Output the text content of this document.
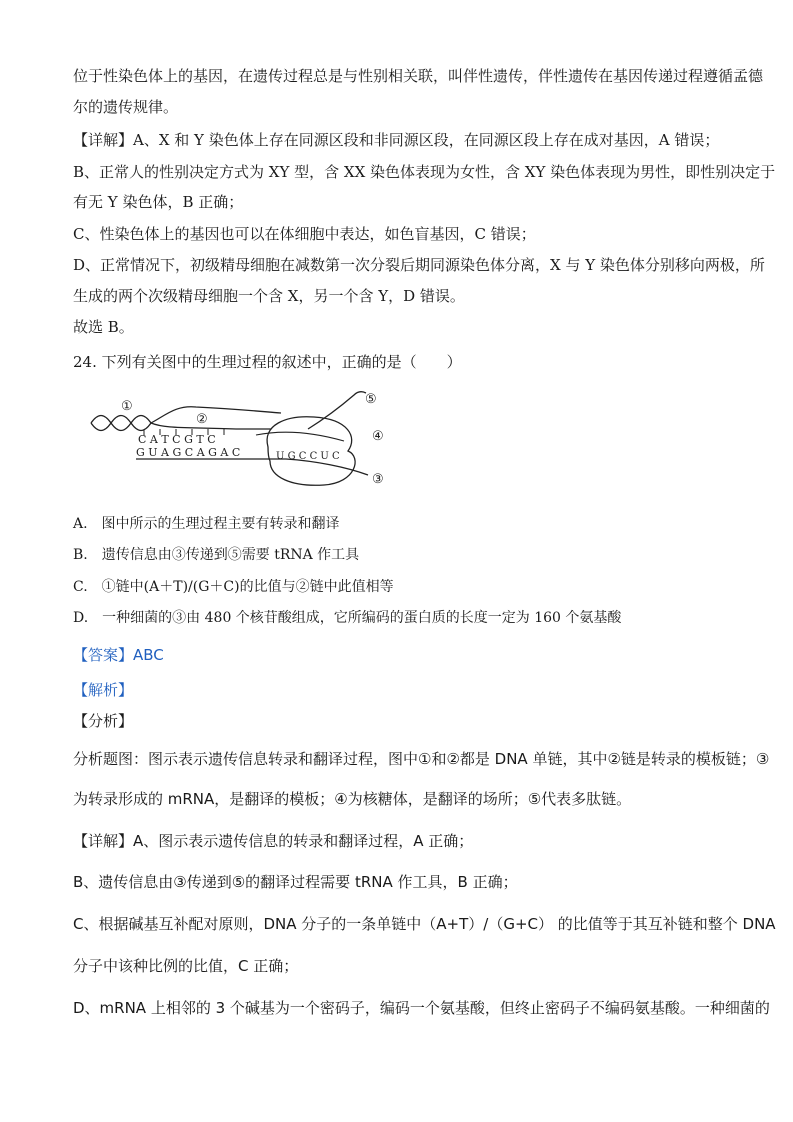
位于性染色体上的基因，在遗传过程总是与性别相关联，叫伴性遗传，伴性遗传在基因传递过程遵循孟德
尔的遗传规律。
【详解】A、X 和 Y 染色体上存在同源区段和非同源区段，在同源区段上存在成对基因，A 错误；
B、正常人的性别决定方式为 XY 型，含 XX 染色体表现为女性，含 XY 染色体表现为男性，即性别决定于
有无 Y 染色体，B 正确；
C、性染色体上的基因也可以在体细胞中表达，如色盲基因，C 错误；
D、正常情况下，初级精母细胞在减数第一次分裂后期同源染色体分离，X 与 Y 染色体分别移向两极，所
生成的两个次级精母细胞一个含 X，另一个含 Y，D 错误。
故选 B。
24. 下列有关图中的生理过程的叙述中，正确的是（　　）
C A T C G T C
G U A G C A G A C	U G C C U C
①
②
⑤
④
③
A.　图中所示的生理过程主要有转录和翻译
B.　遗传信息由③传递到⑤需要 tRNA 作工具
C.　①链中(A＋T)/(G＋C)的比值与②链中此值相等
D.　一种细菌的③由 480 个核苷酸组成，它所编码的蛋白质的长度一定为 160 个氨基酸
【答案】ABC
【解析】
【分析】
分析题图：图示表示遗传信息转录和翻译过程，图中①和②都是 DNA 单链，其中②链是转录的模板链；③
为转录形成的 mRNA，是翻译的模板；④为核糖体，是翻译的场所；⑤代表多肽链。
【详解】A、图示表示遗传信息的转录和翻译过程，A 正确；
B、遗传信息由③传递到⑤的翻译过程需要 tRNA 作工具，B 正确；
C、根据碱基互补配对原则，DNA 分子的一条单链中（A+T）/（G+C） 的比值等于其互补链和整个 DNA
分子中该种比例的比值，C 正确；
D、mRNA 上相邻的 3 个碱基为一个密码子，编码一个氨基酸，但终止密码子不编码氨基酸。一种细菌的
